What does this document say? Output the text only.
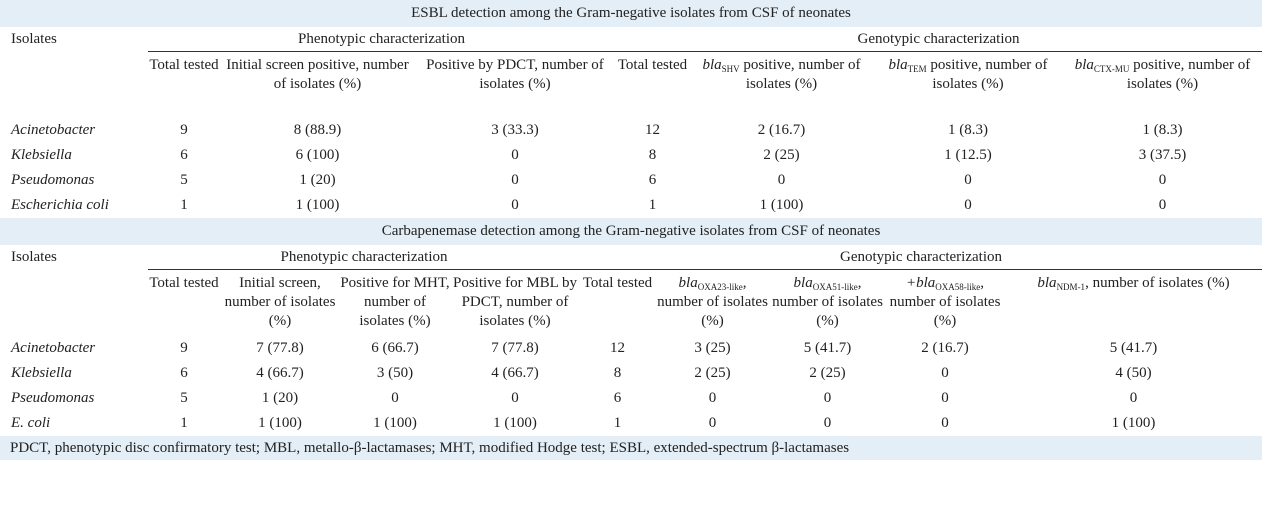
ESBL detection among the Gram-negative isolates from CSF of neonates							
Isolates	Phenotypic characterization			Genotypic characterization			
	Total tested	Initial screen positive, number of isolates (%)	Positive by PDCT, number of isolates (%)	Total tested	bla$_{SHV}$ positive, number of isolates (%)	bla$_{TEM}$ positive, number of isolates (%)	bla$_{CTX-MU}$ positive, number of isolates (%)
Acinetobacter	9	8 (88.9)	3 (33.3)	12	2 (16.7)	1 (8.3)	1 (8.3)
Klebsiella	6	6 (100)	0	8	2 (25)	1 (12.5)	3 (37.5)
Pseudomonas	5	1 (20)	0	6	0	0	0
Escherichia coli	1	1 (100)	0	1	1 (100)	0	0
Carbapenemase detection among the Gram-negative isolates from CSF of neonates									
Isolates	Phenotypic characterization				Genotypic characterization				
	Total tested	Initial screen, number of isolates (%)	Positive for MHT, number of isolates (%)	Positive for MBL by PDCT, number of isolates (%)	Total tested	bla$_{OXA23-like}$, number of isolates (%)	bla$_{OXA51-like}$, number of isolates (%)	+bla$_{OXA58-like}$, number of isolates (%)	bla$_{NDM-1}$, number of isolates (%)
Acinetobacter	9	7 (77.8)	6 (66.7)	7 (77.8)	12	3 (25)	5 (41.7)	2 (16.7)	5 (41.7)
Klebsiella	6	4 (66.7)	3 (50)	4 (66.7)	8	2 (25)	2 (25)	0	4 (50)
Pseudomonas	5	1 (20)	0	0	6	0	0	0	0
E. coli	1	1 (100)	1 (100)	1 (100)	1	0	0	0	1 (100)
PDCT, phenotypic disc confirmatory test; MBL, metallo-β-lactamases; MHT, modified Hodge test; ESBL, extended-spectrum β-lactamases									
